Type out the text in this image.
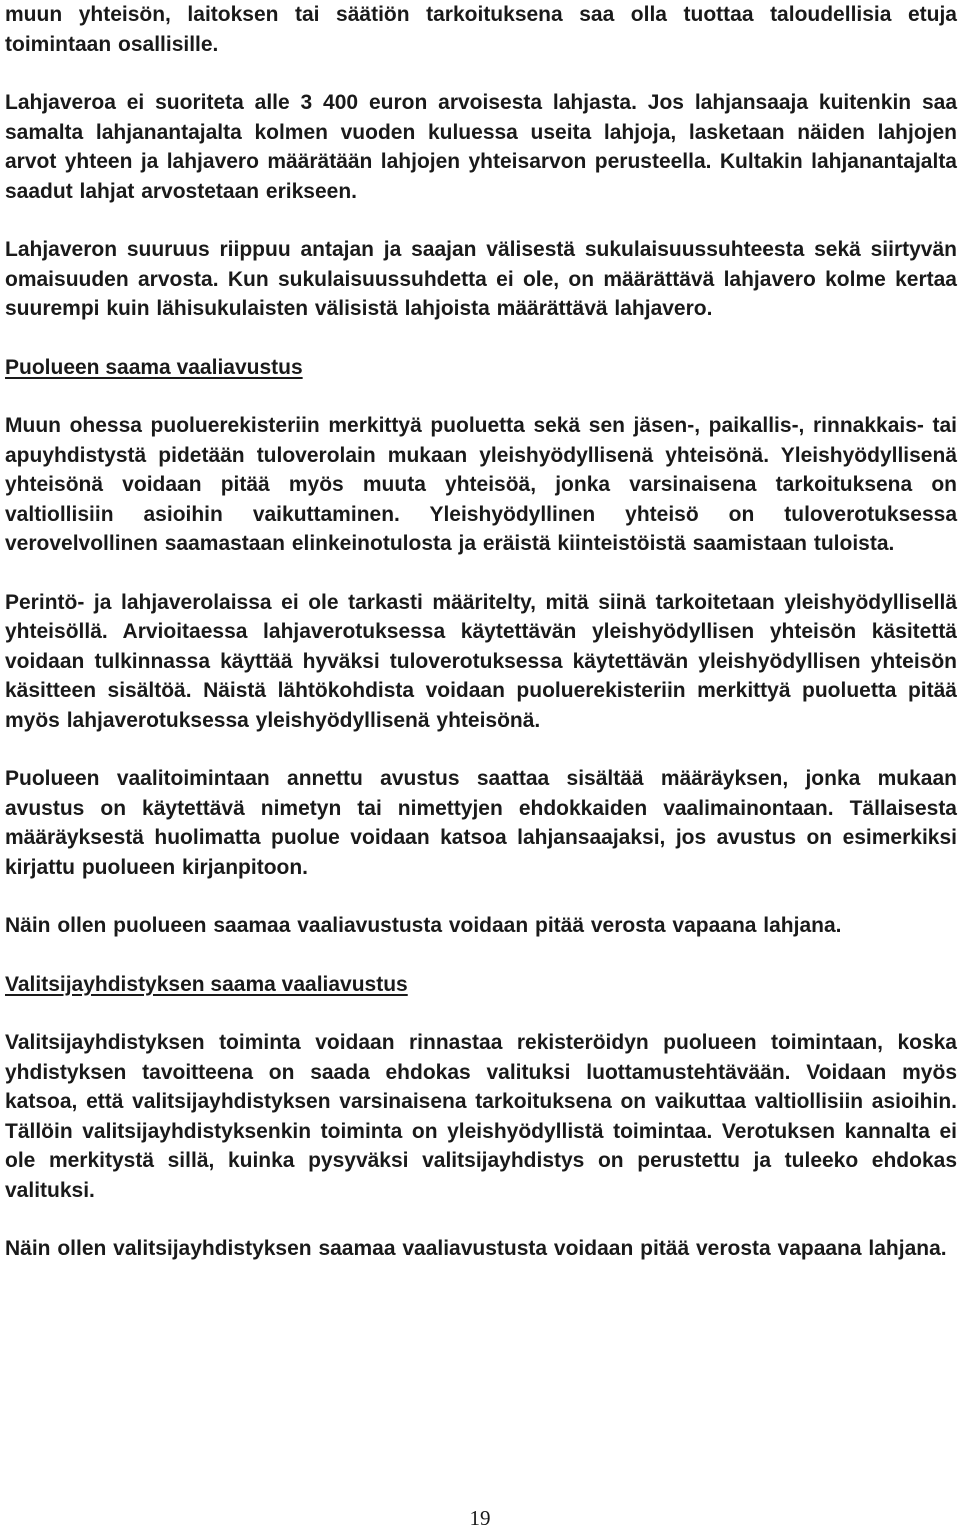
muun yhteisön, laitoksen tai säätiön tarkoituksena saa olla tuottaa taloudellisia etuja toimintaan osallisille.

Lahjaveroa ei suoriteta alle 3 400 euron arvoisesta lahjasta. Jos lahjansaaja kuitenkin saa samalta lahjanantajalta kolmen vuoden kuluessa useita lahjoja, lasketaan näiden lahjojen arvot yhteen ja lahjavero määrätään lahjojen yhteisarvon perusteella. Kultakin lahjanantajalta saadut lahjat arvostetaan erikseen.

Lahjaveron suuruus riippuu antajan ja saajan välisestä sukulaisuussuhteesta sekä siirtyvän omaisuuden arvosta. Kun sukulaisuussuhdetta ei ole, on määrättävä lahjavero kolme kertaa suurempi kuin lähisukulaisten välisistä lahjoista määrättävä lahjavero.

Puolueen saama vaaliavustus

Muun ohessa puoluerekisteriin merkittyä puoluetta sekä sen jäsen-, paikallis-, rinnakkais- tai apuyhdistystä pidetään tuloverolain mukaan yleishyödyllisenä yhteisönä. Yleishyödyllisenä yhteisönä voidaan pitää myös muuta yhteisöä, jonka varsinaisena tarkoituksena on valtiollisiin asioihin vaikuttaminen. Yleishyödyllinen yhteisö on tuloverotuksessa verovelvollinen saamastaan elinkeinotulosta ja eräistä kiinteistöistä saamistaan tuloista.

Perintö- ja lahjaverolaissa ei ole tarkasti määritelty, mitä siinä tarkoitetaan yleishyödyllisellä yhteisöllä. Arvioitaessa lahjaverotuksessa käytettävän yleishyödyllisen yhteisön käsitettä voidaan tulkinnassa käyttää hyväksi tuloverotuksessa käytettävän yleishyödyllisen yhteisön käsitteen sisältöä. Näistä lähtökohdista voidaan puoluerekisteriin merkittyä puoluetta pitää myös lahjaverotuksessa yleishyödyllisenä yhteisönä.

Puolueen vaalitoimintaan annettu avustus saattaa sisältää määräyksen, jonka mukaan avustus on käytettävä nimetyn tai nimettyjen ehdokkaiden vaalimainontaan. Tällaisesta määräyksestä huolimatta puolue voidaan katsoa lahjansaajaksi, jos avustus on esimerkiksi kirjattu puolueen kirjanpitoon.

Näin ollen puolueen saamaa vaaliavustusta voidaan pitää verosta vapaana lahjana.

Valitsijayhdistyksen saama vaaliavustus

Valitsijayhdistyksen toiminta voidaan rinnastaa rekisteröidyn puolueen toimintaan, koska yhdistyksen tavoitteena on saada ehdokas valituksi luottamustehtävään. Voidaan myös katsoa, että valitsijayhdistyksen varsinaisena tarkoituksena on vaikuttaa valtiollisiin asioihin. Tällöin valitsijayhdistyksenkin toiminta on yleishyödyllistä toimintaa. Verotuksen kannalta ei ole merkitystä sillä, kuinka pysyväksi valitsijayhdistys on perustettu ja tuleeko ehdokas valituksi.

Näin ollen valitsijayhdistyksen saamaa vaaliavustusta voidaan pitää verosta vapaana lahjana.

19
